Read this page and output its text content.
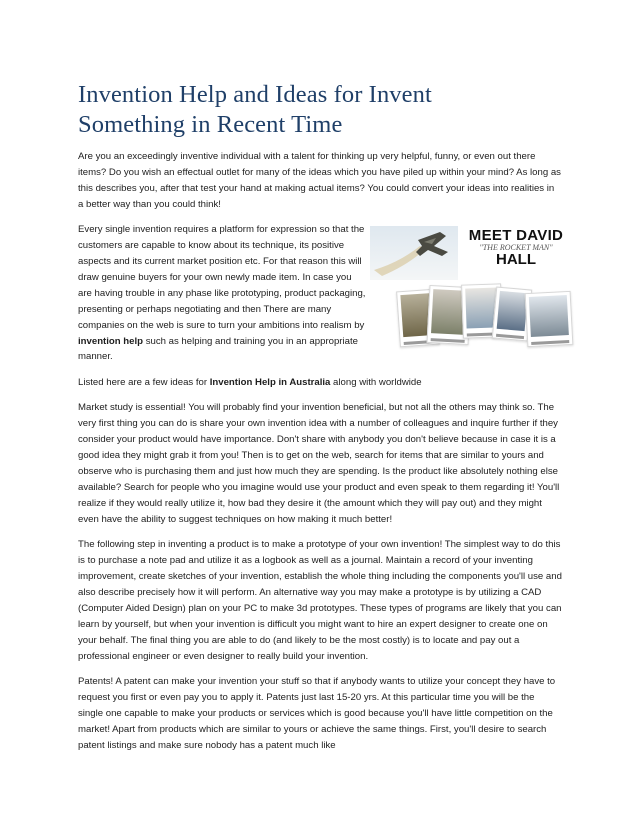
Invention Help and Ideas for Invent
Something in Recent Time

Are you an exceedingly inventive individual with a talent for thinking up very helpful, funny, or even out there items? Do you wish an effectual outlet for many of the ideas which you have piled up within your mind? As long as this describes you, after that test your hand at making actual items? You could convert your ideas into realities in a better way than you could think!

MEET DAVID
"THE ROCKET MAN"
HALL

Every single invention requires a platform for expression so that the customers are capable to know about its technique, its positive aspects and its current market position etc. For that reason this will draw genuine buyers for your own newly made item. In case you are having trouble in any phase like prototyping, product packaging, presenting or perhaps negotiating and then There are many companies on the web is sure to turn your ambitions into realism by invention help such as helping and training you in an appropriate manner.

Listed here are a few ideas for Invention Help in Australia along with worldwide

Market study is essential! You will probably find your invention beneficial, but not all the others may think so. The very first thing you can do is share your own invention idea with a number of colleagues and inquire further if they consider your product would have importance. Don't share with anybody you don't believe because in case it is a good idea they might grab it from you! Then is to get on the web, search for items that are similar to yours and observe who is purchasing them and just how much they are spending. Is the product like absolutely nothing else available? Search for people who you imagine would use your product and even speak to them regarding it! You'll realize if they would really utilize it, how bad they desire it (the amount which they will pay out) and they might even have the ability to suggest techniques on how making it much better!

The following step in inventing a product is to make a prototype of your own invention! The simplest way to do this is to purchase a note pad and utilize it as a logbook as well as a journal. Maintain a record of your inventing improvement, create sketches of your invention, establish the whole thing including the components you'll use and also describe precisely how it will perform. An alternative way you may make a prototype is by utilizing a CAD (Computer Aided Design) plan on your PC to make 3d prototypes. These types of programs are likely that you can learn by yourself, but when your invention is difficult you might want to hire an expert designer to create one on your behalf. The final thing you are able to do (and likely to be the most costly) is to locate and pay out a professional engineer or even designer to really build your invention.

Patents! A patent can make your invention your stuff so that if anybody wants to utilize your concept they have to request you first or even pay you to apply it. Patents just last 15-20 yrs. At this particular time you will be the single one capable to make your products or services which is good because you'll have little competition on the market! Apart from products which are similar to yours or achieve the same things. First, you'll desire to search patent listings and make sure nobody has a patent much like
